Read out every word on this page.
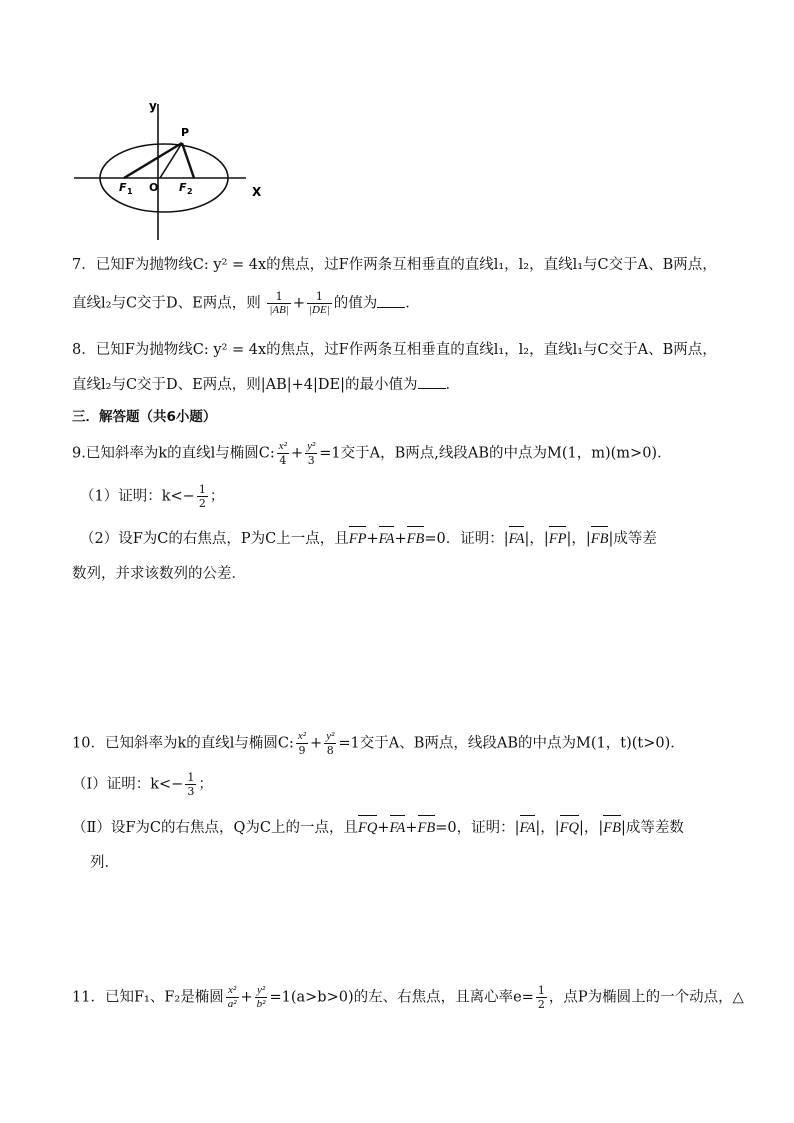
y
P
X
O
F 1	F 2
7．已知F为抛物线C: y² = 4x的焦点，过F作两条互相垂直的直线l₁，l₂，直线l₁与C交于A、B两点，
直线l₂与C交于D、E两点，则 $\frac{1}{|AB|} + \frac{1}{|DE|}$ 的值为 ．
8．已知F为抛物线C: y² = 4x的焦点，过F作两条互相垂直的直线l₁，l₂，直线l₁与C交于A、B两点，
直线l₂与C交于D、E两点，则|AB|+4|DE|的最小值为 ．
三．解答题（共6小题）
9.已知斜率为k的直线l与椭圆C: $\frac{\text{x²}}{4} + \frac{\text{y²}}{3} =1$交于A，B两点,线段AB的中点为M(1，m)(m>0)．
（1）证明：$k<- \frac{1}{2}$ ；
（2）设F为C的右焦点，P为C上一点，且FP+FA+FB=0．证明：|FA|，|FP|，|FB|成等差
数列，并求该数列的公差．
10．已知斜率为k的直线l与椭圆C: $\frac{\text{x²}}{9} + \frac{\text{y²}}{8} =1$交于A、B两点，线段AB的中点为M(1，t)(t>0)．
（Ⅰ）证明：$k<- \frac{1}{3}$ ；
（Ⅱ）设F为C的右焦点，Q为C上的一点，且FQ+FA+FB=0，证明：|FA|，|FQ|，|FB|成等差数
列．
11．已知F₁、F₂是椭圆 $\frac{\text{x²}}{\text{a²}} + \frac{\text{y²}}{\text{b²}} =1(a>b>0)$的左、右焦点，且离心率$e= \frac{1}{2}$ ，点P为椭圆上的一个动点，△
